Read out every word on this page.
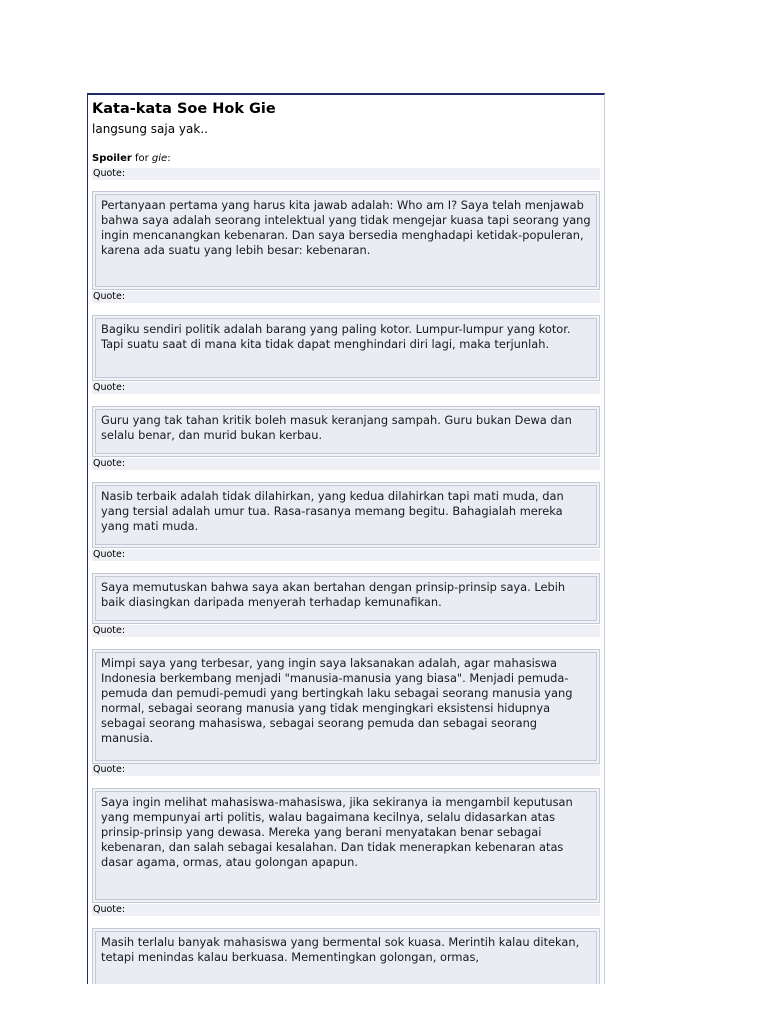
Kata-kata Soe Hok Gie
langsung saja yak..
Spoiler for gie:
Quote:
Pertanyaan pertama yang harus kita jawab adalah: Who am I? Saya telah menjawab bahwa saya adalah seorang intelektual yang tidak mengejar kuasa tapi seorang yang ingin mencanangkan kebenaran. Dan saya bersedia menghadapi ketidak-populeran, karena ada suatu yang lebih besar: kebenaran.
Quote:
Bagiku sendiri politik adalah barang yang paling kotor. Lumpur-lumpur yang kotor. Tapi suatu saat di mana kita tidak dapat menghindari diri lagi, maka terjunlah.
Quote:
Guru yang tak tahan kritik boleh masuk keranjang sampah. Guru bukan Dewa dan selalu benar, dan murid bukan kerbau.
Quote:
Nasib terbaik adalah tidak dilahirkan, yang kedua dilahirkan tapi mati muda, dan yang tersial adalah umur tua. Rasa-rasanya memang begitu. Bahagialah mereka yang mati muda.
Quote:
Saya memutuskan bahwa saya akan bertahan dengan prinsip-prinsip saya. Lebih baik diasingkan daripada menyerah terhadap kemunafikan.
Quote:
Mimpi saya yang terbesar, yang ingin saya laksanakan adalah, agar mahasiswa Indonesia berkembang menjadi "manusia-manusia yang biasa". Menjadi pemuda-pemuda dan pemudi-pemudi yang bertingkah laku sebagai seorang manusia yang normal, sebagai seorang manusia yang tidak mengingkari eksistensi hidupnya sebagai seorang mahasiswa, sebagai seorang pemuda dan sebagai seorang manusia.
Quote:
Saya ingin melihat mahasiswa-mahasiswa, jika sekiranya ia mengambil keputusan yang mempunyai arti politis, walau bagaimana kecilnya, selalu didasarkan atas prinsip-prinsip yang dewasa. Mereka yang berani menyatakan benar sebagai kebenaran, dan salah sebagai kesalahan. Dan tidak menerapkan kebenaran atas dasar agama, ormas, atau golongan apapun.
Quote:
Masih terlalu banyak mahasiswa yang bermental sok kuasa. Merintih kalau ditekan, tetapi menindas kalau berkuasa. Mementingkan golongan, ormas,
